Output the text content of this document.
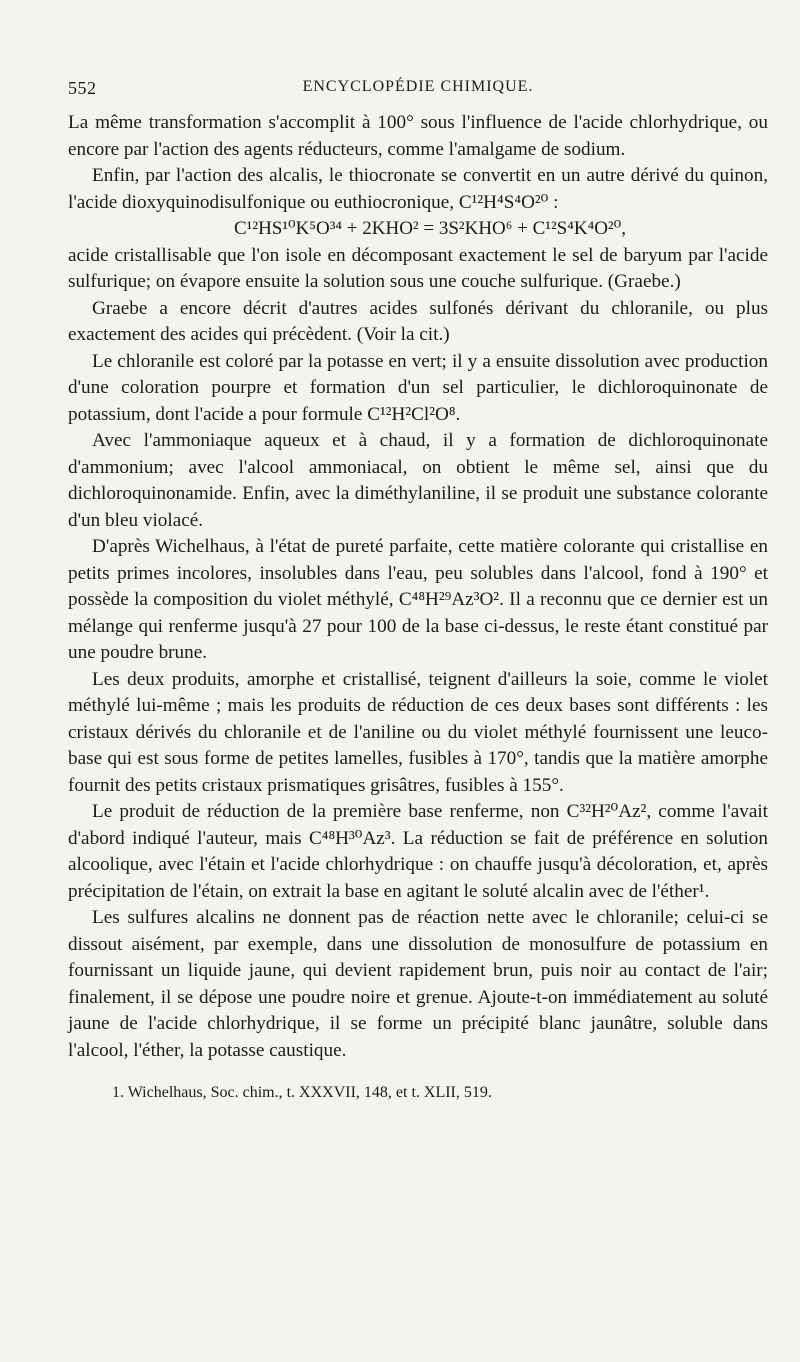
552	ENCYCLOPÉDIE CHIMIQUE.

La même transformation s'accomplit à 100° sous l'influence de l'acide chlorhydrique, ou encore par l'action des agents réducteurs, comme l'amalgame de sodium.

Enfin, par l'action des alcalis, le thiocronate se convertit en un autre dérivé du quinon, l'acide dioxyquinodisulfonique ou euthiocronique, C¹²H⁴S⁴O²⁰ :

C¹²HS¹⁰K⁵O³⁴ + 2KHO² = 3S²KHO⁶ + C¹²S⁴K⁴O²⁰,

acide cristallisable que l'on isole en décomposant exactement le sel de baryum par l'acide sulfurique; on évapore ensuite la solution sous une couche sulfurique. (Graebe.)

Graebe a encore décrit d'autres acides sulfonés dérivant du chloranile, ou plus exactement des acides qui précèdent. (Voir la cit.)

Le chloranile est coloré par la potasse en vert; il y a ensuite dissolution avec production d'une coloration pourpre et formation d'un sel particulier, le dichloroquinonate de potassium, dont l'acide a pour formule C¹²H²Cl²O⁸.

Avec l'ammoniaque aqueux et à chaud, il y a formation de dichloroquinonate d'ammonium; avec l'alcool ammoniacal, on obtient le même sel, ainsi que du dichloroquinonamide. Enfin, avec la diméthylaniline, il se produit une substance colorante d'un bleu violacé.

D'après Wichelhaus, à l'état de pureté parfaite, cette matière colorante qui cristallise en petits primes incolores, insolubles dans l'eau, peu solubles dans l'alcool, fond à 190° et possède la composition du violet méthylé, C⁴⁸H²⁹Az³O². Il a reconnu que ce dernier est un mélange qui renferme jusqu'à 27 pour 100 de la base ci-dessus, le reste étant constitué par une poudre brune.

Les deux produits, amorphe et cristallisé, teignent d'ailleurs la soie, comme le violet méthylé lui-même ; mais les produits de réduction de ces deux bases sont différents : les cristaux dérivés du chloranile et de l'aniline ou du violet méthylé fournissent une leuco-base qui est sous forme de petites lamelles, fusibles à 170°, tandis que la matière amorphe fournit des petits cristaux prismatiques grisâtres, fusibles à 155°.

Le produit de réduction de la première base renferme, non C³²H²⁰Az², comme l'avait d'abord indiqué l'auteur, mais C⁴⁸H³⁰Az³. La réduction se fait de préférence en solution alcoolique, avec l'étain et l'acide chlorhydrique : on chauffe jusqu'à décoloration, et, après précipitation de l'étain, on extrait la base en agitant le soluté alcalin avec de l'éther¹.

Les sulfures alcalins ne donnent pas de réaction nette avec le chloranile; celui-ci se dissout aisément, par exemple, dans une dissolution de monosulfure de potassium en fournissant un liquide jaune, qui devient rapidement brun, puis noir au contact de l'air; finalement, il se dépose une poudre noire et grenue. Ajoute-t-on immédiatement au soluté jaune de l'acide chlorhydrique, il se forme un précipité blanc jaunâtre, soluble dans l'alcool, l'éther, la potasse caustique.

1. Wichelhaus, Soc. chim., t. XXXVII, 148, et t. XLII, 519.
